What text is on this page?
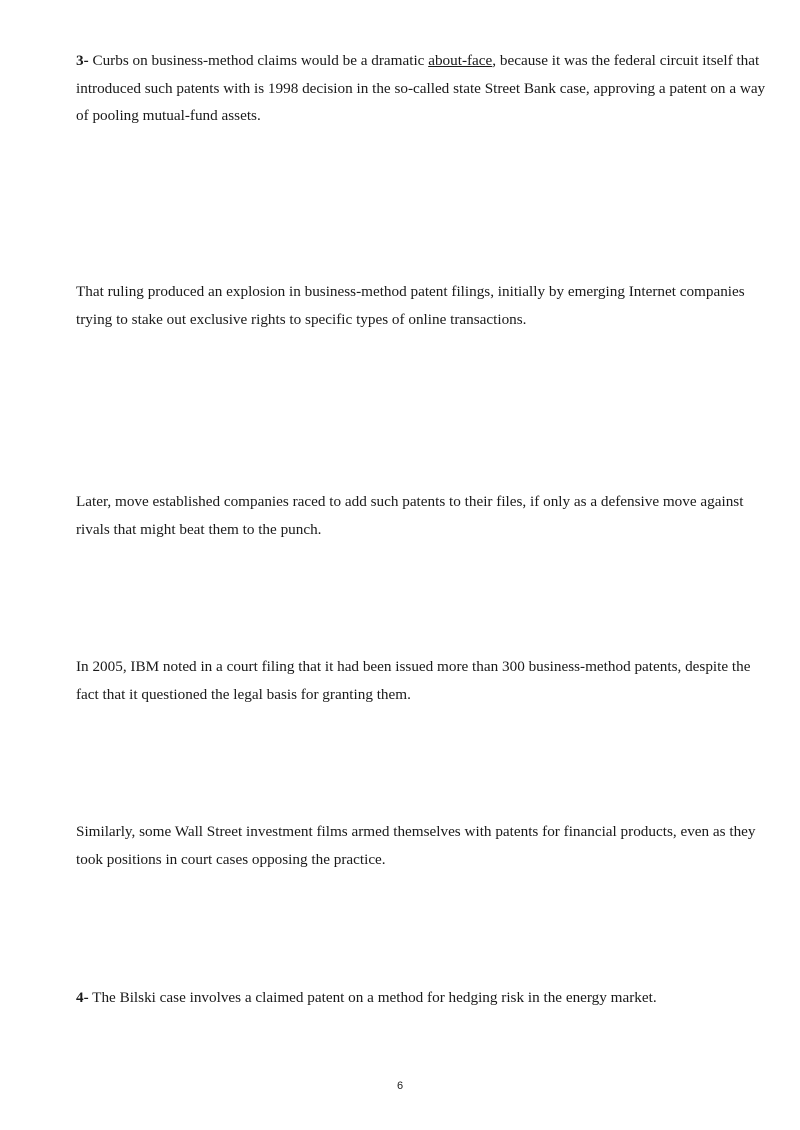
3- Curbs on business-method claims would be a dramatic about-face, because it was the federal circuit itself that introduced such patents with is 1998 decision in the so-called state Street Bank case, approving a patent on a way of pooling mutual-fund assets.

That ruling produced an explosion in business-method patent filings, initially by emerging Internet companies trying to stake out exclusive rights to specific types of online transactions.

Later, move established companies raced to add such patents to their files, if only as a defensive move against rivals that might beat them to the punch.

In 2005, IBM noted in a court filing that it had been issued more than 300 business-method patents, despite the fact that it questioned the legal basis for granting them.

Similarly, some Wall Street investment films armed themselves with patents for financial products, even as they took positions in court cases opposing the practice.

4- The Bilski case involves a claimed patent on a method for hedging risk in the energy market.

6
